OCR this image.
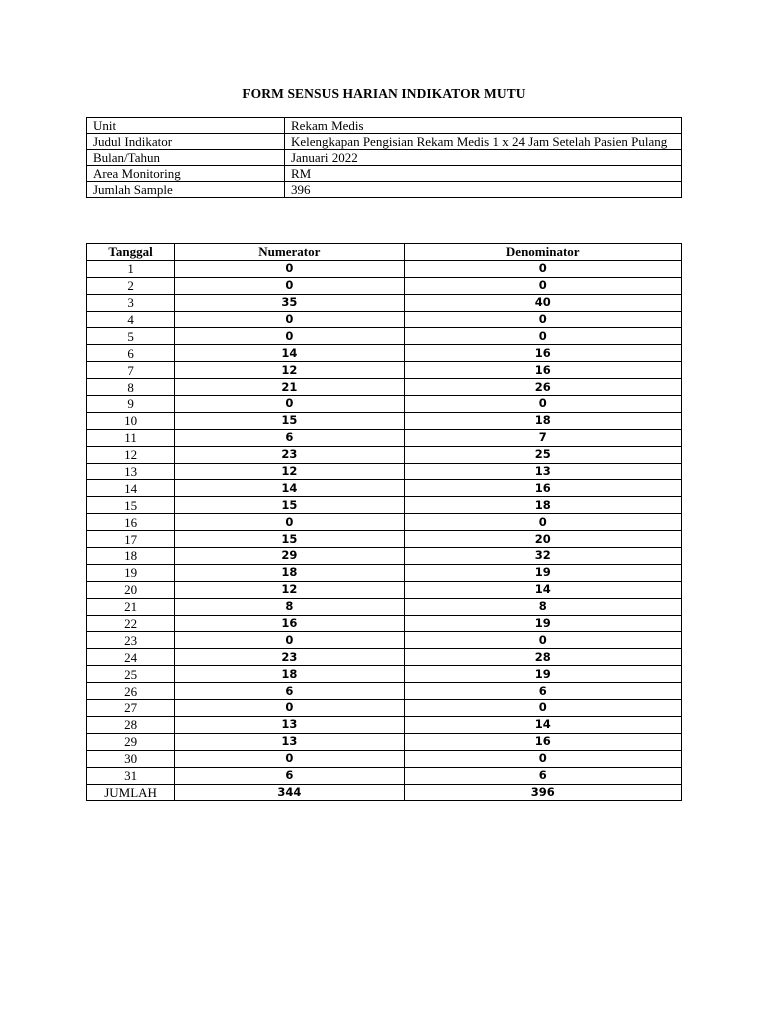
FORM SENSUS HARIAN INDIKATOR MUTU
Unit	Rekam Medis
Judul Indikator	Kelengkapan Pengisian Rekam Medis 1 x 24 Jam Setelah Pasien Pulang
Bulan/Tahun	Januari 2022
Area Monitoring	RM
Jumlah Sample	396
Tanggal	Numerator	Denominator
1	0	0
2	0	0
3	35	40
4	0	0
5	0	0
6	14	16
7	12	16
8	21	26
9	0	0
10	15	18
11	6	7
12	23	25
13	12	13
14	14	16
15	15	18
16	0	0
17	15	20
18	29	32
19	18	19
20	12	14
21	8	8
22	16	19
23	0	0
24	23	28
25	18	19
26	6	6
27	0	0
28	13	14
29	13	16
30	0	0
31	6	6
JUMLAH	344	396
